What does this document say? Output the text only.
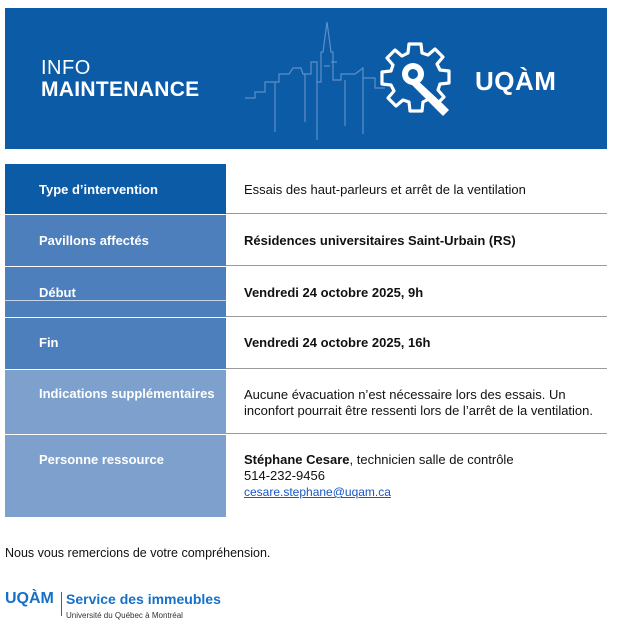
INFO
MAINTENANCE	UQÀM
Type d’intervention	Essais des haut-parleurs et arrêt de la ventilation
Pavillons affectés	Résidences universitaires Saint-Urbain (RS)
Début	Vendredi 24 octobre 2025, 9h
Fin	Vendredi 24 octobre 2025, 16h
Indications supplémentaires	Aucune évacuation n’est nécessaire lors des essais. Un inconfort pourrait être ressenti lors de l’arrêt de la ventilation.
Personne ressource	Stéphane Cesare, technicien salle de contrôle
514-232-9456
cesare.stephane@uqam.ca
Nous vous remercions de votre compréhension.
UQÀM Service des immeubles
Université du Québec à Montréal
